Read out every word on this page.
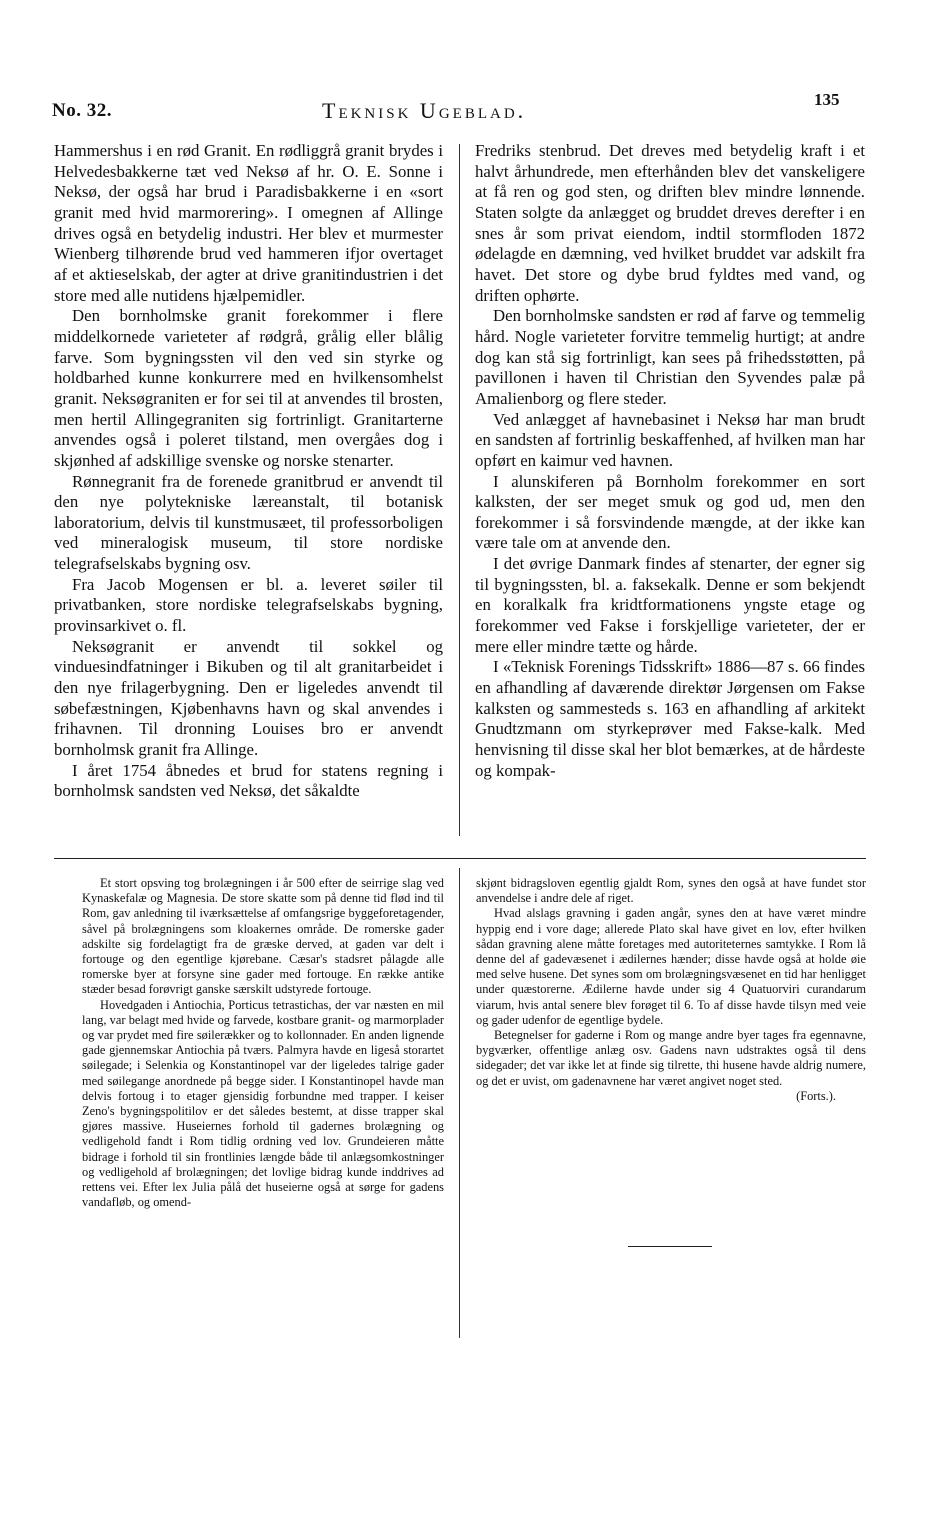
No. 32.	Teknisk Ugeblad.	135

Hammershus i en rød Granit. En rødliggrå granit brydes i Helvedesbakkerne tæt ved Neksø af hr. O. E. Sonne i Neksø, der også har brud i Paradisbakkerne i en «sort granit med hvid marmorering». I omegnen af Allinge drives også en betydelig industri. Her blev et murmester Wienberg tilhørende brud ved hammeren ifjor overtaget af et aktieselskab, der agter at drive granitindustrien i det store med alle nutidens hjælpemidler.

Den bornholmske granit forekommer i flere middelkornede varieteter af rødgrå, grålig eller blålig farve. Som bygningssten vil den ved sin styrke og holdbarhed kunne konkurrere med en hvilkensomhelst granit. Neksøgraniten er for sei til at anvendes til brosten, men hertil Allingegraniten sig fortrinligt. Granitarterne anvendes også i poleret tilstand, men overgåes dog i skjønhed af adskillige svenske og norske stenarter.

Rønnegranit fra de forenede granitbrud er anvendt til den nye polytekniske læreanstalt, til botanisk laboratorium, delvis til kunstmusæet, til professorboligen ved mineralogisk museum, til store nordiske telegrafselskabs bygning osv.

Fra Jacob Mogensen er bl. a. leveret søiler til privatbanken, store nordiske telegrafselskabs bygning, provinsarkivet o. fl.

Neksøgranit er anvendt til sokkel og vinduesindfatninger i Bikuben og til alt granitarbeidet i den nye frilagerbygning. Den er ligeledes anvendt til søbefæstningen, Kjøbenhavns havn og skal anvendes i frihavnen. Til dronning Louises bro er anvendt bornholmsk granit fra Allinge.

I året 1754 åbnedes et brud for statens regning i bornholmsk sandsten ved Neksø, det såkaldte

Fredriks stenbrud. Det dreves med betydelig kraft i et halvt århundrede, men efterhånden blev det vanskeligere at få ren og god sten, og driften blev mindre lønnende. Staten solgte da anlægget og bruddet dreves derefter i en snes år som privat eiendom, indtil stormfloden 1872 ødelagde en dæmning, ved hvilket bruddet var adskilt fra havet. Det store og dybe brud fyldtes med vand, og driften ophørte.

Den bornholmske sandsten er rød af farve og temmelig hård. Nogle varieteter forvitre temmelig hurtigt; at andre dog kan stå sig fortrinligt, kan sees på frihedsstøtten, på pavillonen i haven til Christian den Syvendes palæ på Amalienborg og flere steder.

Ved anlægget af havnebasinet i Neksø har man brudt en sandsten af fortrinlig beskaffenhed, af hvilken man har opført en kaimur ved havnen.

I alunskiferen på Bornholm forekommer en sort kalksten, der ser meget smuk og god ud, men den forekommer i så forsvindende mængde, at der ikke kan være tale om at anvende den.

I det øvrige Danmark findes af stenarter, der egner sig til bygningssten, bl. a. faksekalk. Denne er som bekjendt en koralkalk fra kridtformationens yngste etage og forekommer ved Fakse i forskjellige varieteter, der er mere eller mindre tætte og hårde.

I «Teknisk Forenings Tidsskrift» 1886—87 s. 66 findes en afhandling af daværende direktør Jørgensen om Fakse kalksten og sammesteds s. 163 en afhandling af arkitekt Gnudtzmann om styrkeprøver med Fakse-kalk. Med henvisning til disse skal her blot bemærkes, at de hårdeste og kompak-

Et stort opsving tog brolægningen i år 500 efter de seirrige slag ved Kynaskefalæ og Magnesia. De store skatte som på denne tid flød ind til Rom, gav anledning til iværksættelse af omfangsrige byggeforetagender, såvel på brolægningens som kloakernes område. De romerske gader adskilte sig fordelagtigt fra de græske derved, at gaden var delt i fortouge og den egentlige kjørebane. Cæsar's stadsret pålagde alle romerske byer at forsyne sine gader med fortouge. En række antike stæder besad forøvrigt ganske særskilt udstyrede fortouge.

Hovedgaden i Antiochia, Porticus tetrastichas, der var næsten en mil lang, var belagt med hvide og farvede, kostbare granit- og marmorplader og var prydet med fire søilerækker og to kollonnader. En anden lignende gade gjennemskar Antiochia på tværs. Palmyra havde en ligeså storartet søilegade; i Selenkia og Konstantinopel var der ligeledes talrige gader med søilegange anordnede på begge sider. I Konstantinopel havde man delvis fortoug i to etager gjensidig forbundne med trapper. I keiser Zeno's bygningspolitilov er det således bestemt, at disse trapper skal gjøres massive. Huseiernes forhold til gadernes brolægning og vedligehold fandt i Rom tidlig ordning ved lov. Grundeieren måtte bidrage i forhold til sin frontlinies længde både til anlægsomkostninger og vedligehold af brolægningen; det lovlige bidrag kunde inddrives ad rettens vei. Efter lex Julia pålå det huseierne også at sørge for gadens vandafløb, og omend-

skjønt bidragsloven egentlig gjaldt Rom, synes den også at have fundet stor anvendelse i andre dele af riget.

Hvad alslags gravning i gaden angår, synes den at have været mindre hyppig end i vore dage; allerede Plato skal have givet en lov, efter hvilken sådan gravning alene måtte foretages med autoriteternes samtykke. I Rom lå denne del af gadevæsenet i ædilernes hænder; disse havde også at holde øie med selve husene. Det synes som om brolægningsvæsenet en tid har henligget under quæstorerne. Ædilerne havde under sig 4 Quatuorviri curandarum viarum, hvis antal senere blev forøget til 6. To af disse havde tilsyn med veie og gader udenfor de egentlige bydele.

Betegnelser for gaderne i Rom og mange andre byer tages fra egennavne, bygværker, offentlige anlæg osv. Gadens navn udstraktes også til dens sidegader; det var ikke let at finde sig tilrette, thi husene havde aldrig numere, og det er uvist, om gadenavnene har været angivet noget sted.

(Forts.).
